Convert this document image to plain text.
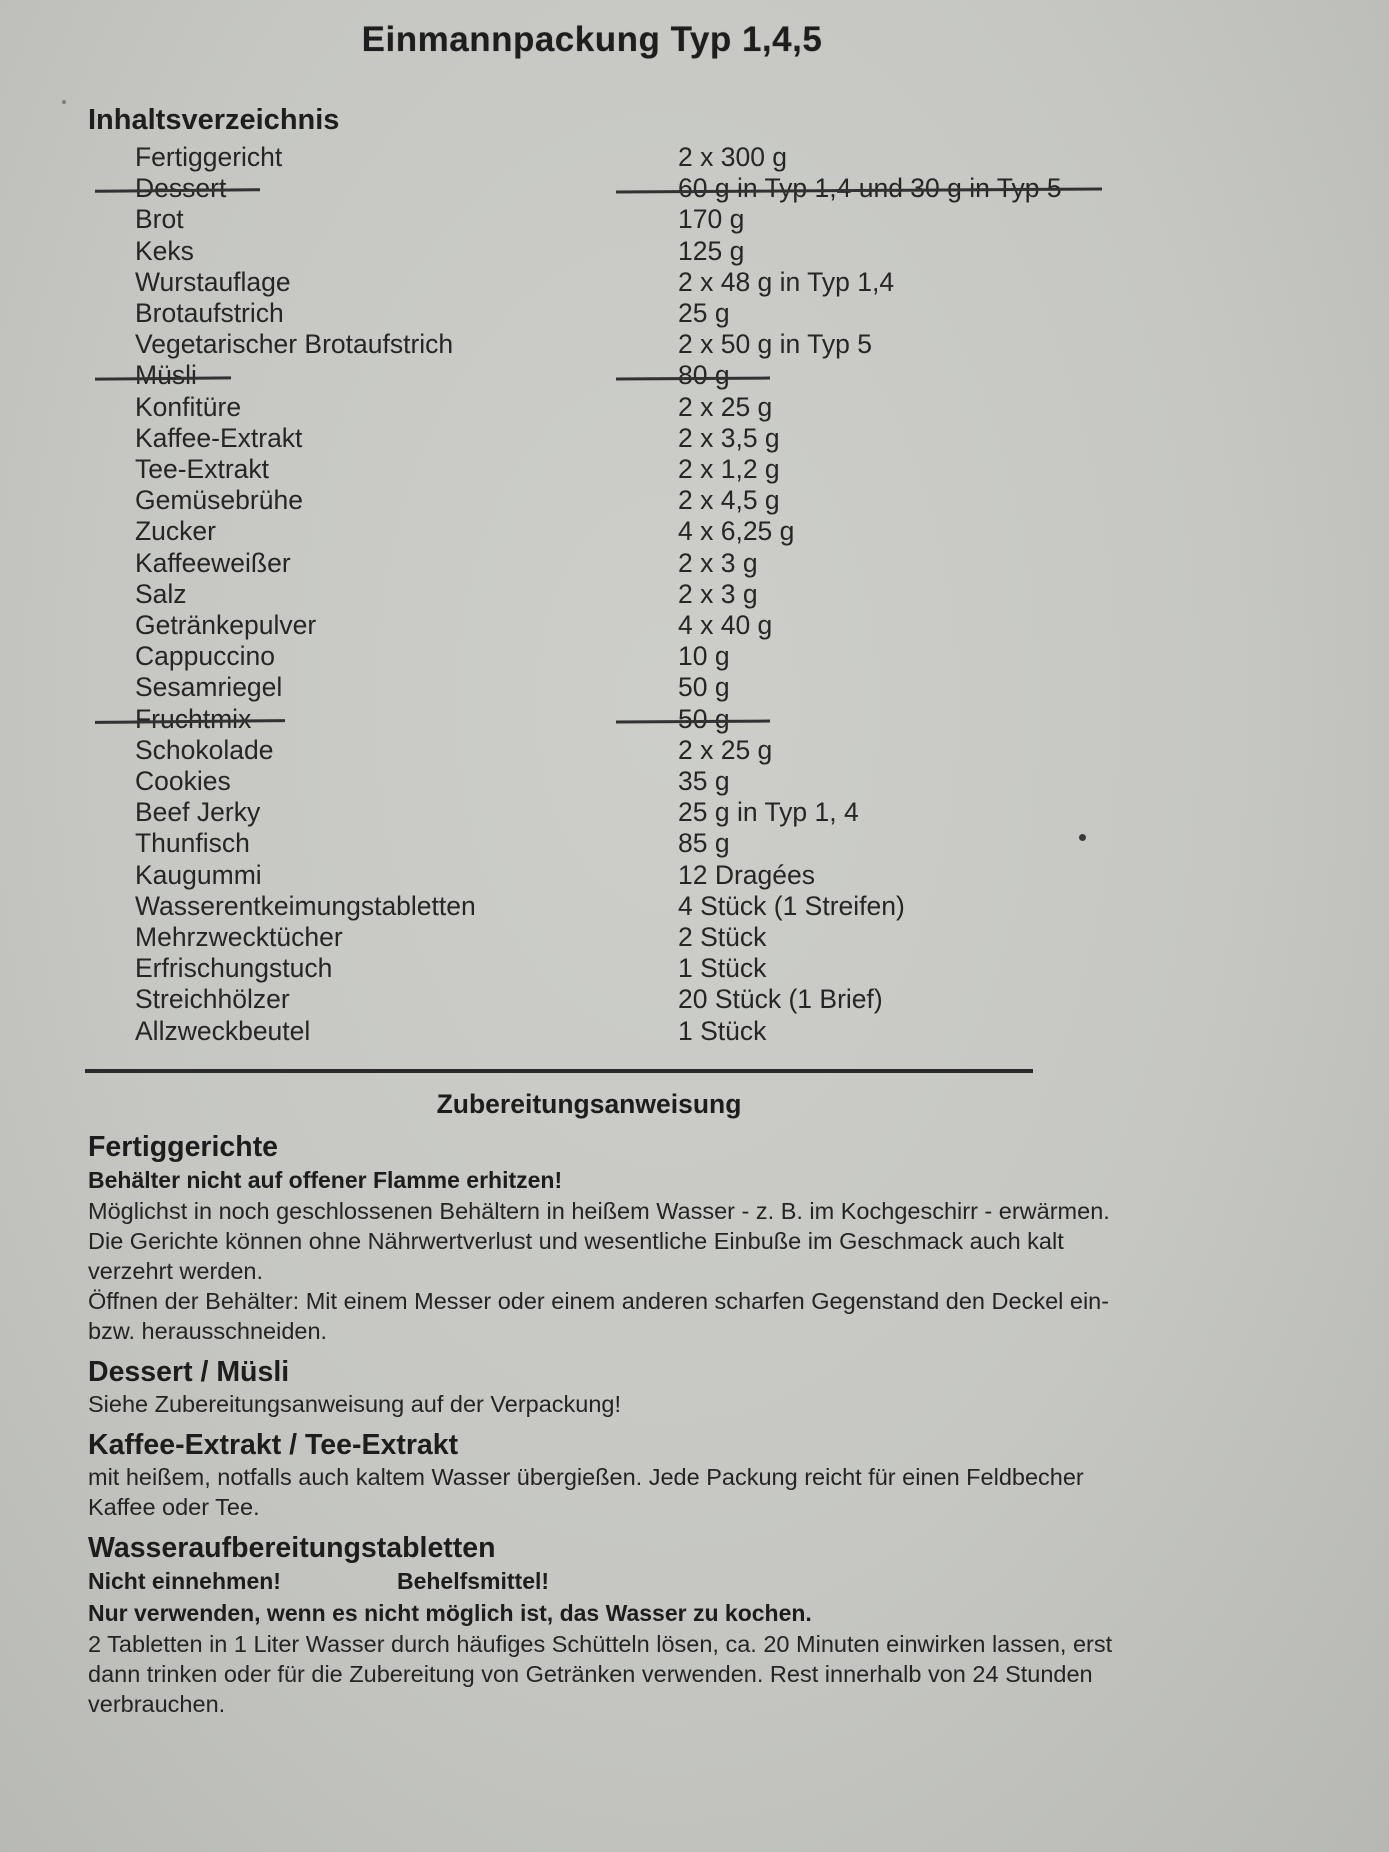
Einmannpackung Typ 1,4,5
Inhaltsverzeichnis
Fertiggericht	2 x 300 g
Dessert	60 g in Typ 1,4 und 30 g in Typ 5
Brot	170 g
Keks	125 g
Wurstauflage	2 x 48 g in Typ 1,4
Brotaufstrich	25 g
Vegetarischer Brotaufstrich	2 x 50 g in Typ 5
Müsli	80 g
Konfitüre	2 x 25 g
Kaffee-Extrakt	2 x 3,5 g
Tee-Extrakt	2 x 1,2 g
Gemüsebrühe	2 x 4,5 g
Zucker	4 x 6,25 g
Kaffeeweißer	2 x 3 g
Salz	2 x 3 g
Getränkepulver	4 x 40 g
Cappuccino	10 g
Sesamriegel	50 g
Fruchtmix	50 g
Schokolade	2 x 25 g
Cookies	35 g
Beef Jerky	25 g in Typ 1, 4
Thunfisch	85 g
Kaugummi	12 Dragées
Wasserentkeimungstabletten	4 Stück (1 Streifen)
Mehrzwecktücher	2 Stück
Erfrischungstuch	1 Stück
Streichhölzer	20 Stück (1 Brief)
Allzweckbeutel	1 Stück
Zubereitungsanweisung
Fertiggerichte
Behälter nicht auf offener Flamme erhitzen!
Möglichst in noch geschlossenen Behältern in heißem Wasser - z. B. im Kochgeschirr - erwärmen.
Die Gerichte können ohne Nährwertverlust und wesentliche Einbuße im Geschmack auch kalt verzehrt werden.
Öffnen der Behälter: Mit einem Messer oder einem anderen scharfen Gegenstand den Deckel ein- bzw. herausschneiden.
Dessert / Müsli
Siehe Zubereitungsanweisung auf der Verpackung!
Kaffee-Extrakt / Tee-Extrakt
mit heißem, notfalls auch kaltem Wasser übergießen. Jede Packung reicht für einen Feldbecher Kaffee oder Tee.
Wasseraufbereitungstabletten
Nicht einnehmen!	Behelfsmittel!
Nur verwenden, wenn es nicht möglich ist, das Wasser zu kochen.
2 Tabletten in 1 Liter Wasser durch häufiges Schütteln lösen, ca. 20 Minuten einwirken lassen, erst dann trinken oder für die Zubereitung von Getränken verwenden. Rest innerhalb von 24 Stunden verbrauchen.
